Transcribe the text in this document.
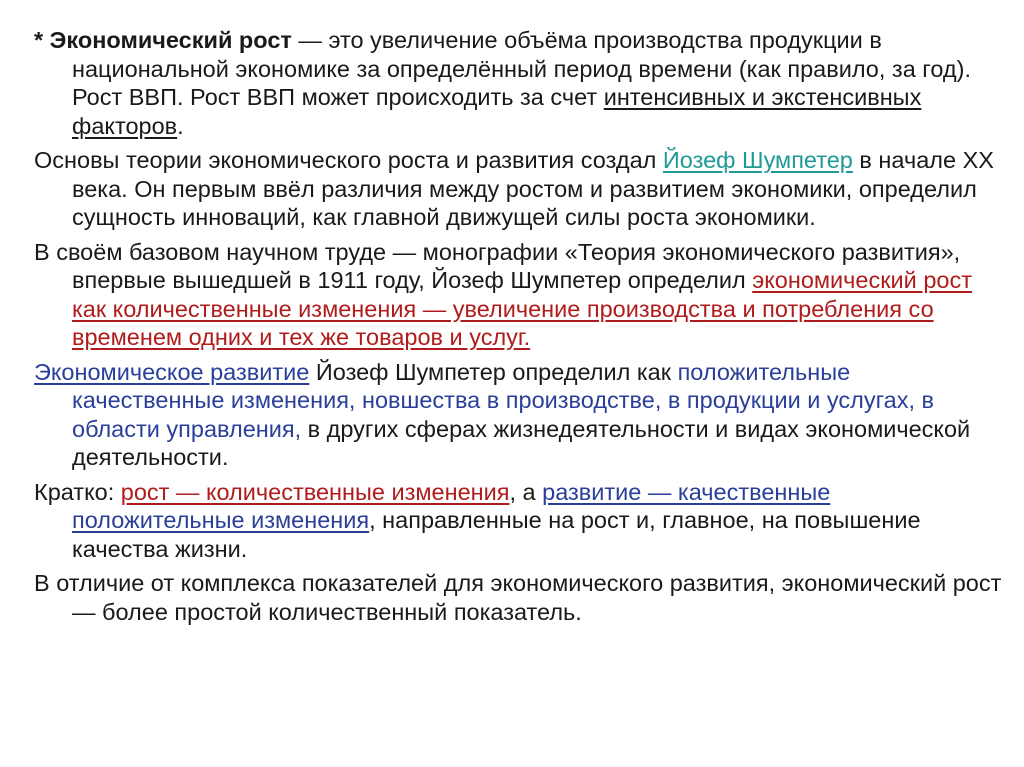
* Экономический рост — это увеличение объёма производства продукции в национальной экономике за определённый период времени (как правило, за год). Рост ВВП. Рост ВВП может происходить за счет интенсивных и экстенсивных факторов.

Основы теории экономического роста и развития создал Йозеф Шумпетер в начале XX века. Он первым ввёл различия между ростом и развитием экономики, определил сущность инноваций, как главной движущей силы роста экономики.

В своём базовом научном труде — монографии «Теория экономического развития», впервые вышедшей в 1911 году, Йозеф Шумпетер определил экономический рост как количественные изменения — увеличение производства и потребления со временем одних и тех же товаров и услуг.

Экономическое развитие Йозеф Шумпетер определил как положительные качественные изменения, новшества в производстве, в продукции и услугах, в области управления, в других сферах жизнедеятельности и видах экономической деятельности.

Кратко: рост — количественные изменения, а развитие — качественные положительные изменения, направленные на рост и, главное, на повышение качества жизни.

В отличие от комплекса показателей для экономического развития, экономический рост — более простой количественный показатель.
